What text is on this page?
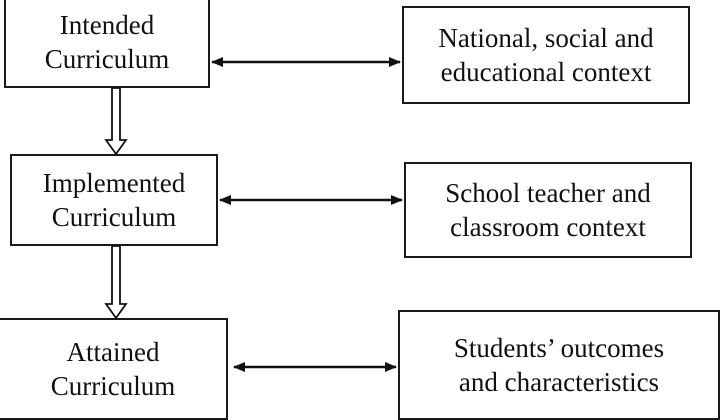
Intended
Curriculum
Implemented
Curriculum
Attained
Curriculum
National, social and
educational context
School teacher and
classroom context
Students’ outcomes
and characteristics
